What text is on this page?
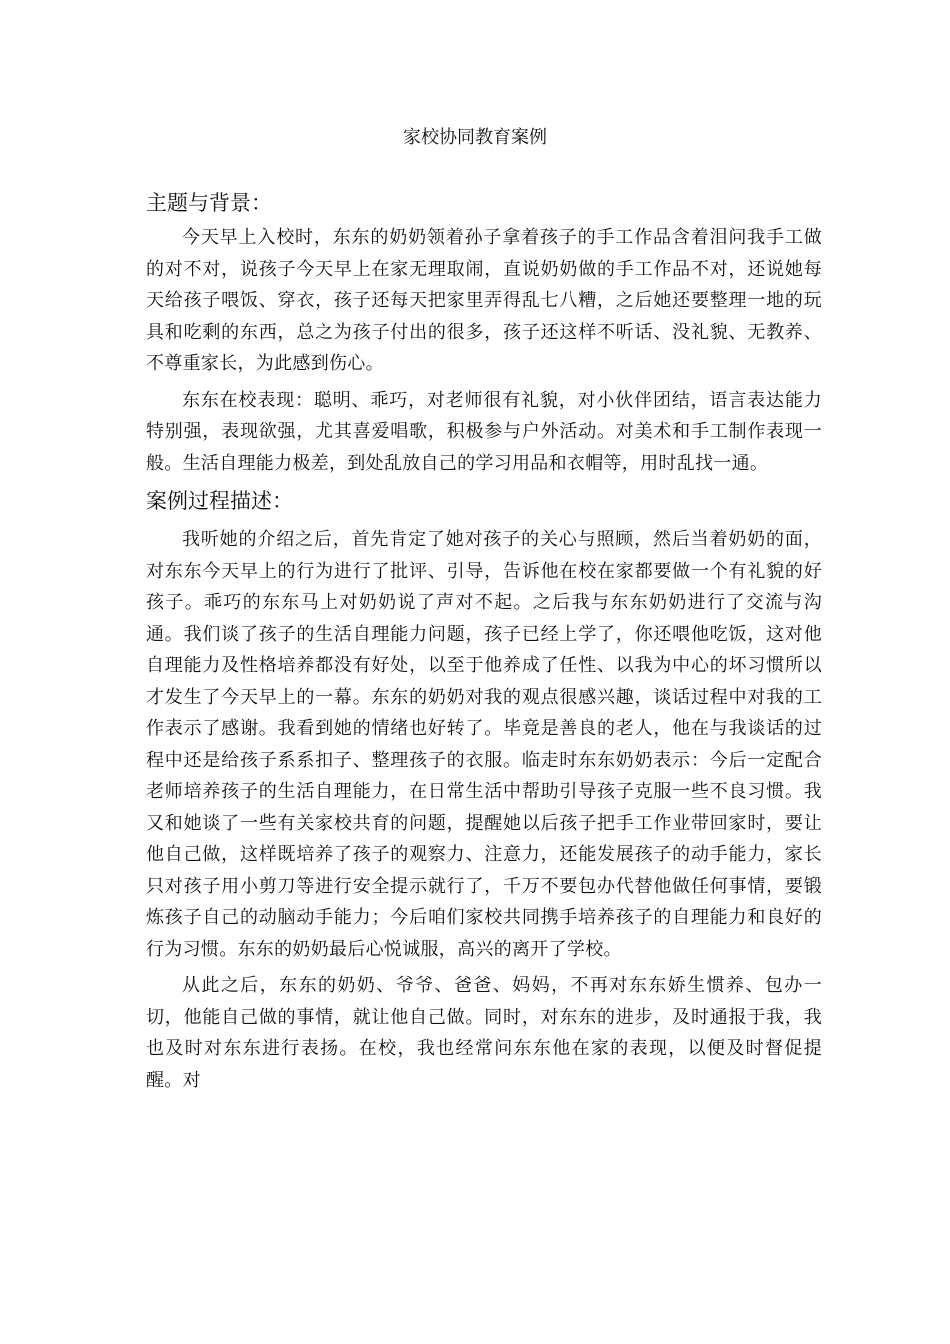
家校协同教育案例
主题与背景：

今天早上入校时，东东的奶奶领着孙子拿着孩子的手工作品含着泪问我手工做的对不对，说孩子今天早上在家无理取闹，直说奶奶做的手工作品不对，还说她每天给孩子喂饭、穿衣，孩子还每天把家里弄得乱七八糟，之后她还要整理一地的玩具和吃剩的东西，总之为孩子付出的很多，孩子还这样不听话、没礼貌、无教养、不尊重家长，为此感到伤心。

东东在校表现：聪明、乖巧，对老师很有礼貌，对小伙伴团结，语言表达能力特别强，表现欲强，尤其喜爱唱歌，积极参与户外活动。对美术和手工制作表现一般。生活自理能力极差，到处乱放自己的学习用品和衣帽等，用时乱找一通。

案例过程描述：

我听她的介绍之后，首先肯定了她对孩子的关心与照顾，然后当着奶奶的面，对东东今天早上的行为进行了批评、引导，告诉他在校在家都要做一个有礼貌的好孩子。乖巧的东东马上对奶奶说了声对不起。之后我与东东奶奶进行了交流与沟通。我们谈了孩子的生活自理能力问题，孩子已经上学了，你还喂他吃饭，这对他自理能力及性格培养都没有好处，以至于他养成了任性、以我为中心的坏习惯所以才发生了今天早上的一幕。东东的奶奶对我的观点很感兴趣，谈话过程中对我的工作表示了感谢。我看到她的情绪也好转了。毕竟是善良的老人，他在与我谈话的过程中还是给孩子系系扣子、整理孩子的衣服。临走时东东奶奶表示：今后一定配合老师培养孩子的生活自理能力，在日常生活中帮助引导孩子克服一些不良习惯。我又和她谈了一些有关家校共育的问题，提醒她以后孩子把手工作业带回家时，要让他自己做，这样既培养了孩子的观察力、注意力，还能发展孩子的动手能力，家长只对孩子用小剪刀等进行安全提示就行了，千万不要包办代替他做任何事情，要锻炼孩子自己的动脑动手能力；今后咱们家校共同携手培养孩子的自理能力和良好的行为习惯。东东的奶奶最后心悦诚服，高兴的离开了学校。

从此之后，东东的奶奶、爷爷、爸爸、妈妈，不再对东东娇生惯养、包办一切，他能自己做的事情，就让他自己做。同时，对东东的进步，及时通报于我，我也及时对东东进行表扬。在校，我也经常问东东他在家的表现，以便及时督促提醒。对
